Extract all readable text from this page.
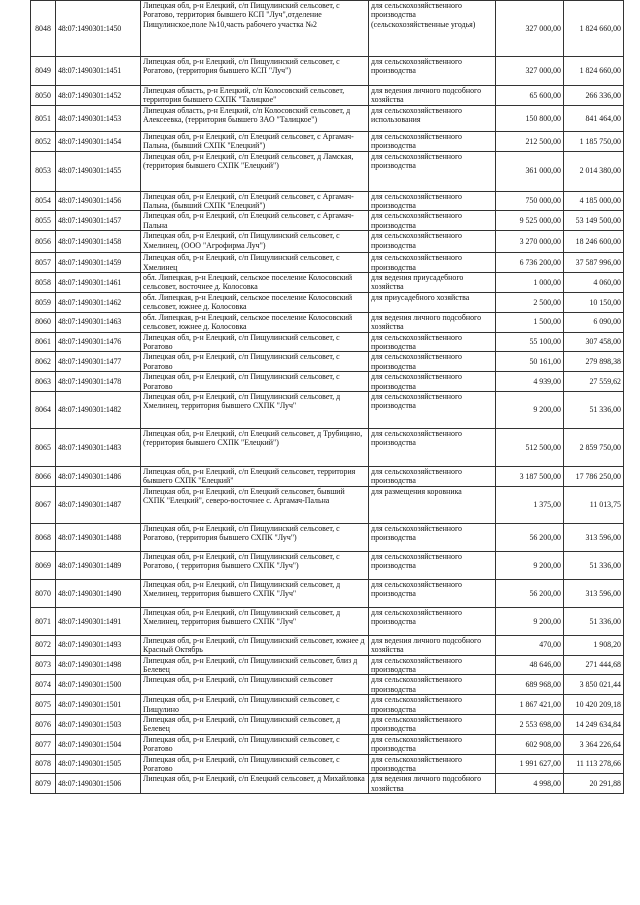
8048	48:07:1490301:1450	Липецкая обл, р-н Елецкий, с/п Пищулинский сельсовет, с Рогатово, территория бывшего КСП "Луч",отделение Пищулинское,поле №10,часть рабочего участка №2	для сельскохозяйственного производства (сельскохозяйственные угодья)	327 000,00	1 824 660,00
8049	48:07:1490301:1451	Липецкая обл, р-н Елецкий, с/п Пищулинский сельсовет, с Рогатово, (территория бывшего КСП "Луч")	для сельскохозяйственного производства	327 000,00	1 824 660,00
8050	48:07:1490301:1452	Липецкая область, р-н Елецкий, с/п Колосовский сельсовет, территория бывшего СХПК "Талицкое"	для ведения личного подсобного хозяйства	65 600,00	266 336,00
8051	48:07:1490301:1453	Липецкая область, р-н Елецкий, с/п Колосовский сельсовет, д Алексеевка, (территория бывшего ЗАО "Талицкое")	для сельскохозяйственного использования	150 800,00	841 464,00
8052	48:07:1490301:1454	Липецкая обл, р-н Елецкий, с/п Елецкий сельсовет, с Аргамач-Пальна, (бывший СХПК "Елецкий")	для сельскохозяйственного производства	212 500,00	1 185 750,00
8053	48:07:1490301:1455	Липецкая обл, р-н Елецкий, с/п Елецкий сельсовет, д Ламская, (территория бывшего СХПК "Елецкий")	для сельскохозяйственного производства	361 000,00	2 014 380,00
8054	48:07:1490301:1456	Липецкая обл, р-н Елецкий, с/п Елецкий сельсовет, с Аргамач-Пальна, (бывший СХПК "Елецкий")	для сельскохозяйственного производства	750 000,00	4 185 000,00
8055	48:07:1490301:1457	Липецкая обл, р-н Елецкий, с/п Елецкий сельсовет, с Аргамач-Пальна	для сельскохозяйственного производства	9 525 000,00	53 149 500,00
8056	48:07:1490301:1458	Липецкая обл, р-н Елецкий, с/п Пищулинский сельсовет, с Хмелинец, (ООО "Агрофирма Луч")	для сельскохозяйственного производства	3 270 000,00	18 246 600,00
8057	48:07:1490301:1459	Липецкая обл, р-н Елецкий, с/п Пищулинский сельсовет, с Хмелинец	для сельскохозяйственного производства	6 736 200,00	37 587 996,00
8058	48:07:1490301:1461	обл. Липецкая, р-н Елецкий, сельское поселение Колосовский сельсовет, восточнее д. Колосовка	для ведения приусадебного хозяйства	1 000,00	4 060,00
8059	48:07:1490301:1462	обл. Липецкая, р-н Елецкий, сельское поселение Колосовский сельсовет, южнее д. Колосовка	для приусадебного хозяйства	2 500,00	10 150,00
8060	48:07:1490301:1463	обл. Липецкая, р-н Елецкий, сельское поселение Колосовский сельсовет, южнее д. Колосовка	для ведения личного подсобного хозяйства	1 500,00	6 090,00
8061	48:07:1490301:1476	Липецкая обл, р-н Елецкий, с/п Пищулинский сельсовет, с Рогатово	для сельскохозяйственного производства	55 100,00	307 458,00
8062	48:07:1490301:1477	Липецкая обл, р-н Елецкий, с/п Пищулинский сельсовет, с Рогатово	для сельскохозяйственного производства	50 161,00	279 898,38
8063	48:07:1490301:1478	Липецкая обл, р-н Елецкий, с/п Пищулинский сельсовет, с Рогатово	для сельскохозяйственного производства	4 939,00	27 559,62
8064	48:07:1490301:1482	Липецкая обл, р-н Елецкий, с/п Пищулинский сельсовет, д Хмелинец, территория бывшего СХПК "Луч"	для сельскохозяйственного производства	9 200,00	51 336,00
8065	48:07:1490301:1483	Липецкая обл, р-н Елецкий, с/п Елецкий сельсовет, д Трубицино, (территория бывшего СХПК "Елецкий")	для сельскохозяйственного производства	512 500,00	2 859 750,00
8066	48:07:1490301:1486	Липецкая обл, р-н Елецкий, с/п Елецкий сельсовет, территория бывшего СХПК "Елецкий"	для сельскохозяйственного производства	3 187 500,00	17 786 250,00
8067	48:07:1490301:1487	Липецкая обл, р-н Елецкий, с/п Елецкий сельсовет, бывший СХПК "Елецкий", северо-восточнее с. Аргамач-Пальна	для размещения коровника	1 375,00	11 013,75
8068	48:07:1490301:1488	Липецкая обл, р-н Елецкий, с/п Пищулинский сельсовет, с Рогатово, (территория бывшего СХПК "Луч")	для сельскохозяйственного производства	56 200,00	313 596,00
8069	48:07:1490301:1489	Липецкая обл, р-н Елецкий, с/п Пищулинский сельсовет, с Рогатово, ( территория бывшего СХПК "Луч")	для сельскохозяйственного производства	9 200,00	51 336,00
8070	48:07:1490301:1490	Липецкая обл, р-н Елецкий, с/п Пищулинский сельсовет, д Хмелинец, территория бывшего СХПК "Луч"	для сельскохозяйственного производства	56 200,00	313 596,00
8071	48:07:1490301:1491	Липецкая обл, р-н Елецкий, с/п Пищулинский сельсовет, д Хмелинец, территория бывшего СХПК "Луч"	для сельскохозяйственного производства	9 200,00	51 336,00
8072	48:07:1490301:1493	Липецкая обл, р-н Елецкий, с/п Пищулинский сельсовет, южнее д Красный Октябрь	для ведения личного подсобного хозяйства	470,00	1 908,20
8073	48:07:1490301:1498	Липецкая обл, р-н Елецкий, с/п Пищулинский сельсовет, близ д Белевец	для сельскохозяйственного производства	48 646,00	271 444,68
8074	48:07:1490301:1500	Липецкая обл, р-н Елецкий, с/п Пищулинский сельсовет	для сельскохозяйственного производства	689 968,00	3 850 021,44
8075	48:07:1490301:1501	Липецкая обл, р-н Елецкий, с/п Пищулинский сельсовет, с Пищулино	для сельскохозяйственного производства	1 867 421,00	10 420 209,18
8076	48:07:1490301:1503	Липецкая обл, р-н Елецкий, с/п Пищулинский сельсовет, д Белевец	для сельскохозяйственного производства	2 553 698,00	14 249 634,84
8077	48:07:1490301:1504	Липецкая обл, р-н Елецкий, с/п Пищулинский сельсовет, с Рогатово	для сельскохозяйственного производства	602 908,00	3 364 226,64
8078	48:07:1490301:1505	Липецкая обл, р-н Елецкий, с/п Пищулинский сельсовет, с Рогатово	для сельскохозяйственного производства	1 991 627,00	11 113 278,66
8079	48:07:1490301:1506	Липецкая обл, р-н Елецкий, с/п Елецкий сельсовет, д Михайловка	для ведения личного подсобного хозяйства	4 998,00	20 291,88
